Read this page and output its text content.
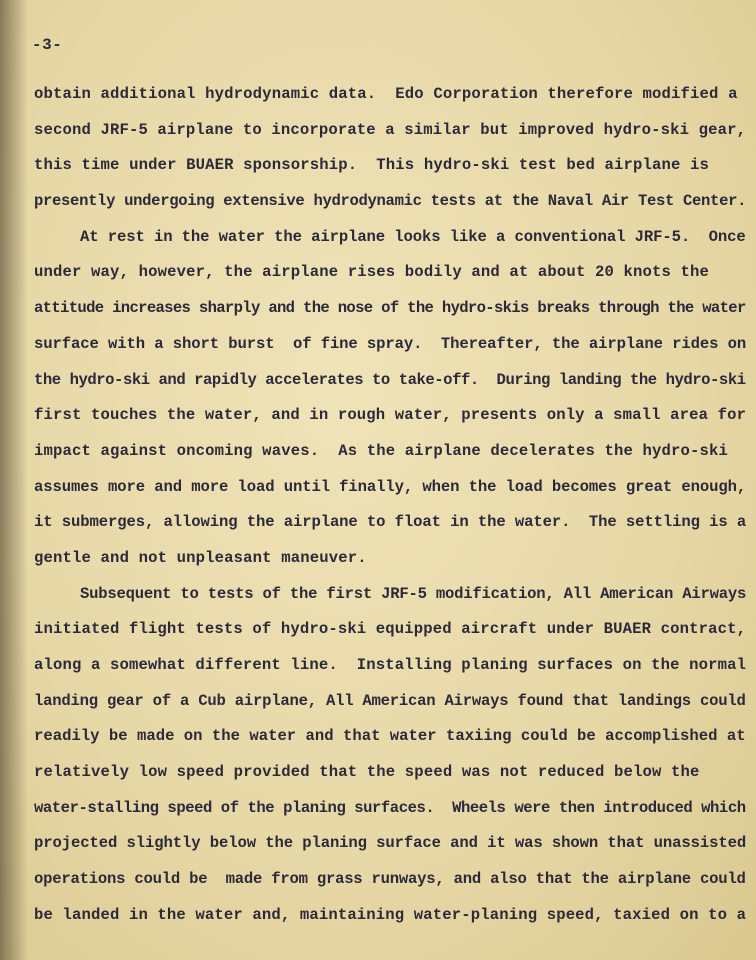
-3-
obtain additional hydrodynamic data.  Edo Corporation therefore modified a
second JRF-5 airplane to incorporate a similar but improved hydro-ski gear,
this time under BUAER sponsorship.  This hydro-ski test bed airplane is
presently undergoing extensive hydrodynamic tests at the Naval Air Test Center.
At rest in the water the airplane looks like a conventional JRF-5.  Once
under way, however, the airplane rises bodily and at about 20 knots the
attitude increases sharply and the nose of the hydro-skis breaks through the water
surface with a short burst  of fine spray.  Thereafter, the airplane rides on
the hydro-ski and rapidly accelerates to take-off.  During landing the hydro-ski
first touches the water, and in rough water, presents only a small area for
impact against oncoming waves.  As the airplane decelerates the hydro-ski
assumes more and more load until finally, when the load becomes great enough,
it submerges, allowing the airplane to float in the water.  The settling is a
gentle and not unpleasant maneuver.
Subsequent to tests of the first JRF-5 modification, All American Airways
initiated flight tests of hydro-ski equipped aircraft under BUAER contract,
along a somewhat different line.  Installing planing surfaces on the normal
landing gear of a Cub airplane, All American Airways found that landings could
readily be made on the water and that water taxiing could be accomplished at
relatively low speed provided that the speed was not reduced below the
water-stalling speed of the planing surfaces.  Wheels were then introduced which
projected slightly below the planing surface and it was shown that unassisted
operations could be  made from grass runways, and also that the airplane could
be landed in the water and, maintaining water-planing speed, taxied on to a
